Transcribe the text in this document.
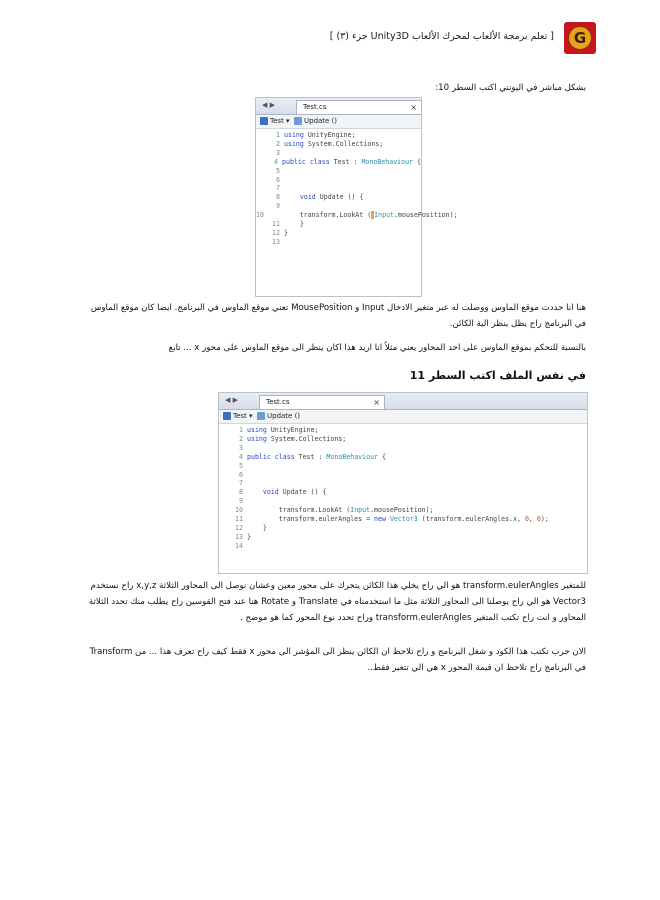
[ تعلم برمجة الألعاب لمحرك الألعاب Unity3D جزء (٣) ]	G
بشكل مباشر في اليونتي اكتب السطر 10:
◀ ▶	Test.cs	×
Test ▾  Update ()
1 using UnityEngine;
2 using System.Collections;
3
4 public class Test : MonoBehaviour {
5
6
7
8	void Update () {
9
10 transform.LookAt ( Input.mousePosition);
11 }
12 }
13
هنا انا حددت موقع الماوس ووصلت له عبر متغير الادخال Input و MousePosition تعني موقع الماوس في البرنامج. ايضا كان موقع الماوس في البرنامج راح يظل ينظر الية الكائن.
بالنسبة للتحكم بموقع الماوس على احد المحاور يعني مثلاً انا اريد هذا اكان ينظر الى موقع الماوس على محور x ... تابع
في نفس الملف اكتب السطر 11
◀ ▶	Test.cs	×
Test ▾  Update ()
1 using UnityEngine;
2 using System.Collections;
3
4 public class Test : MonoBehaviour {
5
6
7
8	void Update () {
9
10 transform.LookAt (Input.mousePosition);
11 transform.eulerAngles = new Vector3 (transform.eulerAngles.x, 0, 0);
12 }
13 }
14
للمتغير transform.eulerAngles هو الي راح يخلي هذا الكائن يتحرك على محور معين وعشان نوصل الى المحاور الثلاثة x,y,z راح نستخدم Vector3 هو الي راح يوصلنا الى المحاور الثلاثة مثل ما استخدمناه في Translate و Rotate هنا عند فتح القوسين راح يطلب منك تحدد الثلاثة المحاور و انت راح تكتب المتغير transform.eulerAngles وراح تحدد نوع المحور كما هو موضح .
الان جرب تكتب هذا الكود و شغل البرنامج و راح تلاحظ ان الكائن ينظر الى المؤشر الى محور x فقط كيف راح تعرف هذا ... من Transform في البرنامج راح تلاحظ ان قيمة المحور x هي الي تتغير فقط..
